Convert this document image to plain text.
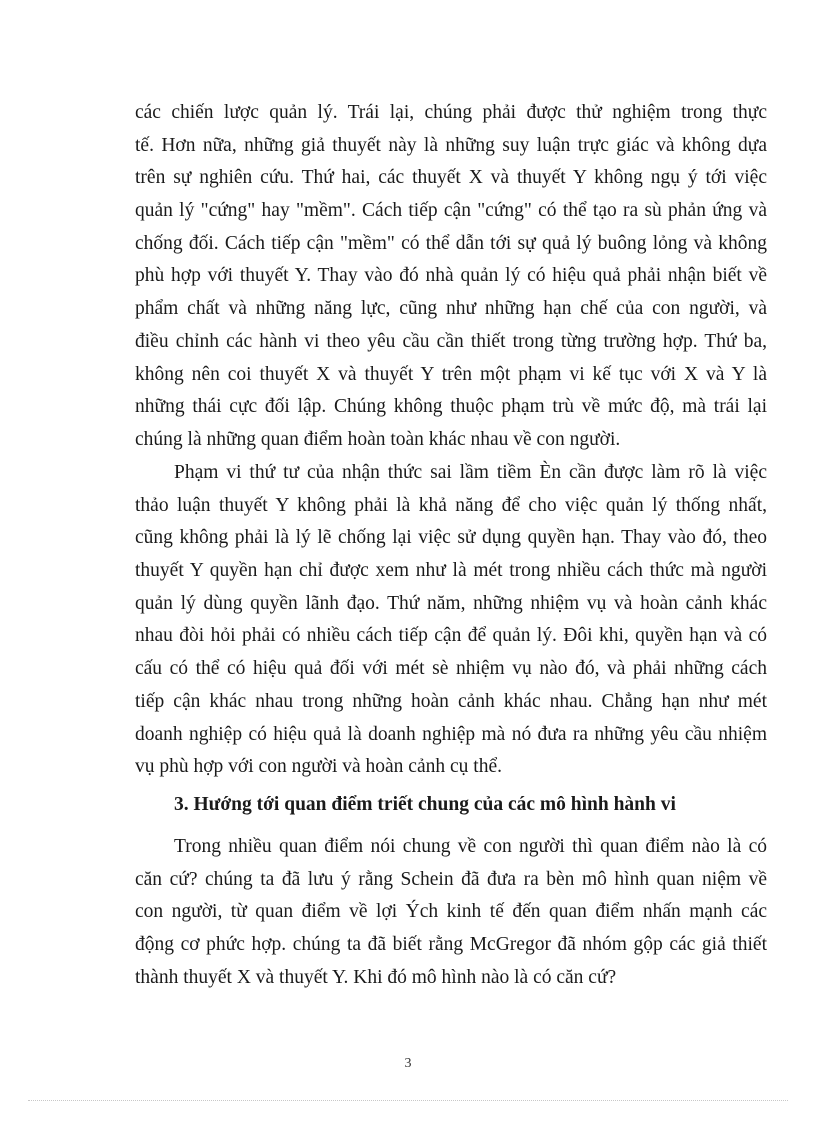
các chiến lược quản lý. Trái lại, chúng phải được thử nghiệm trong thực
tế. Hơn nữa, những giả thuyết này là những suy luận trực giác và không dựa
trên sự nghiên cứu. Thứ hai, các thuyết X và thuyết Y không ngụ ý tới việc
quản lý "cứng" hay "mềm". Cách tiếp cận "cứng" có thể tạo ra sù phản ứng và
chống đối. Cách tiếp cận "mềm" có thể dẫn tới sự quả lý buông lỏng và không
phù hợp với thuyết Y. Thay vào đó nhà quản lý có hiệu quả phải nhận biết về
phẩm chất và những năng lực, cũng như những hạn chế của con người, và
điều chỉnh các hành vi theo yêu cầu cần thiết trong từng trường hợp. Thứ ba,
không nên coi thuyết X và thuyết Y trên một phạm vi kế tục với X và Y là
những thái cực đối lập. Chúng không thuộc phạm trù về mức độ, mà trái lại
chúng là những quan điểm hoàn toàn khác nhau về con người.
Phạm vi thứ tư của nhận thức sai lầm tiềm Èn cần được làm rõ là việc
thảo luận thuyết Y không phải là khả năng để cho việc quản lý thống nhất,
cũng không phải là lý lẽ chống lại việc sử dụng quyền hạn. Thay vào đó, theo
thuyết Y quyền hạn chỉ được xem như là mét trong nhiều cách thức mà người
quản lý dùng quyền lãnh đạo. Thứ năm, những nhiệm vụ và hoàn cảnh khác
nhau đòi hỏi phải có nhiều cách tiếp cận để quản lý. Đôi khi, quyền hạn và có
cấu có thể có hiệu quả đối với mét sè nhiệm vụ nào đó, và phải những cách
tiếp cận khác nhau trong những hoàn cảnh khác nhau. Chẳng hạn như mét
doanh nghiệp có hiệu quả là doanh nghiệp mà nó đưa ra những yêu cầu nhiệm
vụ phù hợp với con người và hoàn cảnh cụ thể.
3. Hướng tới quan điểm triết chung của các mô hình hành vi
Trong nhiều quan điểm nói chung về con người thì quan điểm nào là có
căn cứ? chúng ta đã lưu ý rằng Schein đã đưa ra bèn mô hình quan niệm về
con người, từ quan điểm về lợi Ých kinh tế đến quan điểm nhấn mạnh các
động cơ phức hợp. chúng ta đã biết rằng McGregor đã nhóm gộp các giả thiết
thành thuyết X và thuyết Y. Khi đó mô hình nào là có căn cứ?
3
